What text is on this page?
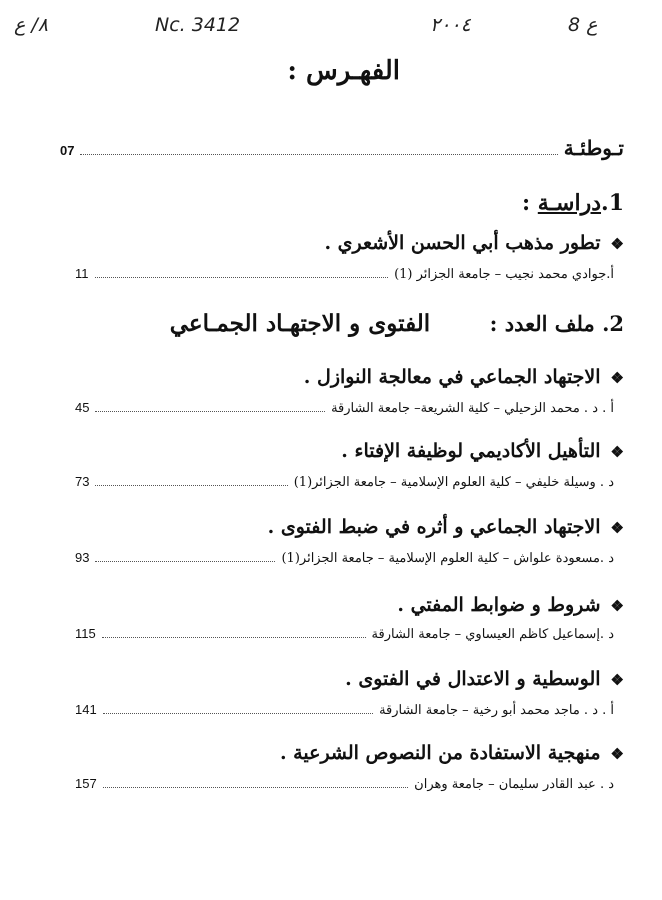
٨/ ع	Nc. 3412	٢٠٠٤	ع 8
الفهـرس :
تـوطئـة
07
1.دراسـة :
❖تطور مذهب أبي الحسن الأشعري .
أ.جوادي محمد نجيب – جامعة الجزائر (1)
11
2. ملف العدد : الفتوى و الاجتهـاد الجمـاعي
❖الاجتهاد الجماعي في معالجة النوازل .
أ . د . محمد الزحيلي – كلية الشريعة– جامعة الشارقة
45
❖التأهيل الأكاديمي لوظيفة الإفتاء .
د . وسيلة خليفي – كلية العلوم الإسلامية – جامعة الجزائر(1)
73
❖الاجتهاد الجماعي و أثره في ضبط الفتوى .
د .مسعودة علواش – كلية العلوم الإسلامية – جامعة الجزائر(1)
93
❖شروط و ضوابط المفتي .
د .إسماعيل كاظم العيساوي – جامعة الشارقة
115
❖الوسطية و الاعتدال في الفتوى .
أ . د . ماجد محمد أبو رخية – جامعة الشارقة
141
❖منهجية الاستفادة من النصوص الشرعية .
د . عبد القادر سليمان – جامعة وهران
157
